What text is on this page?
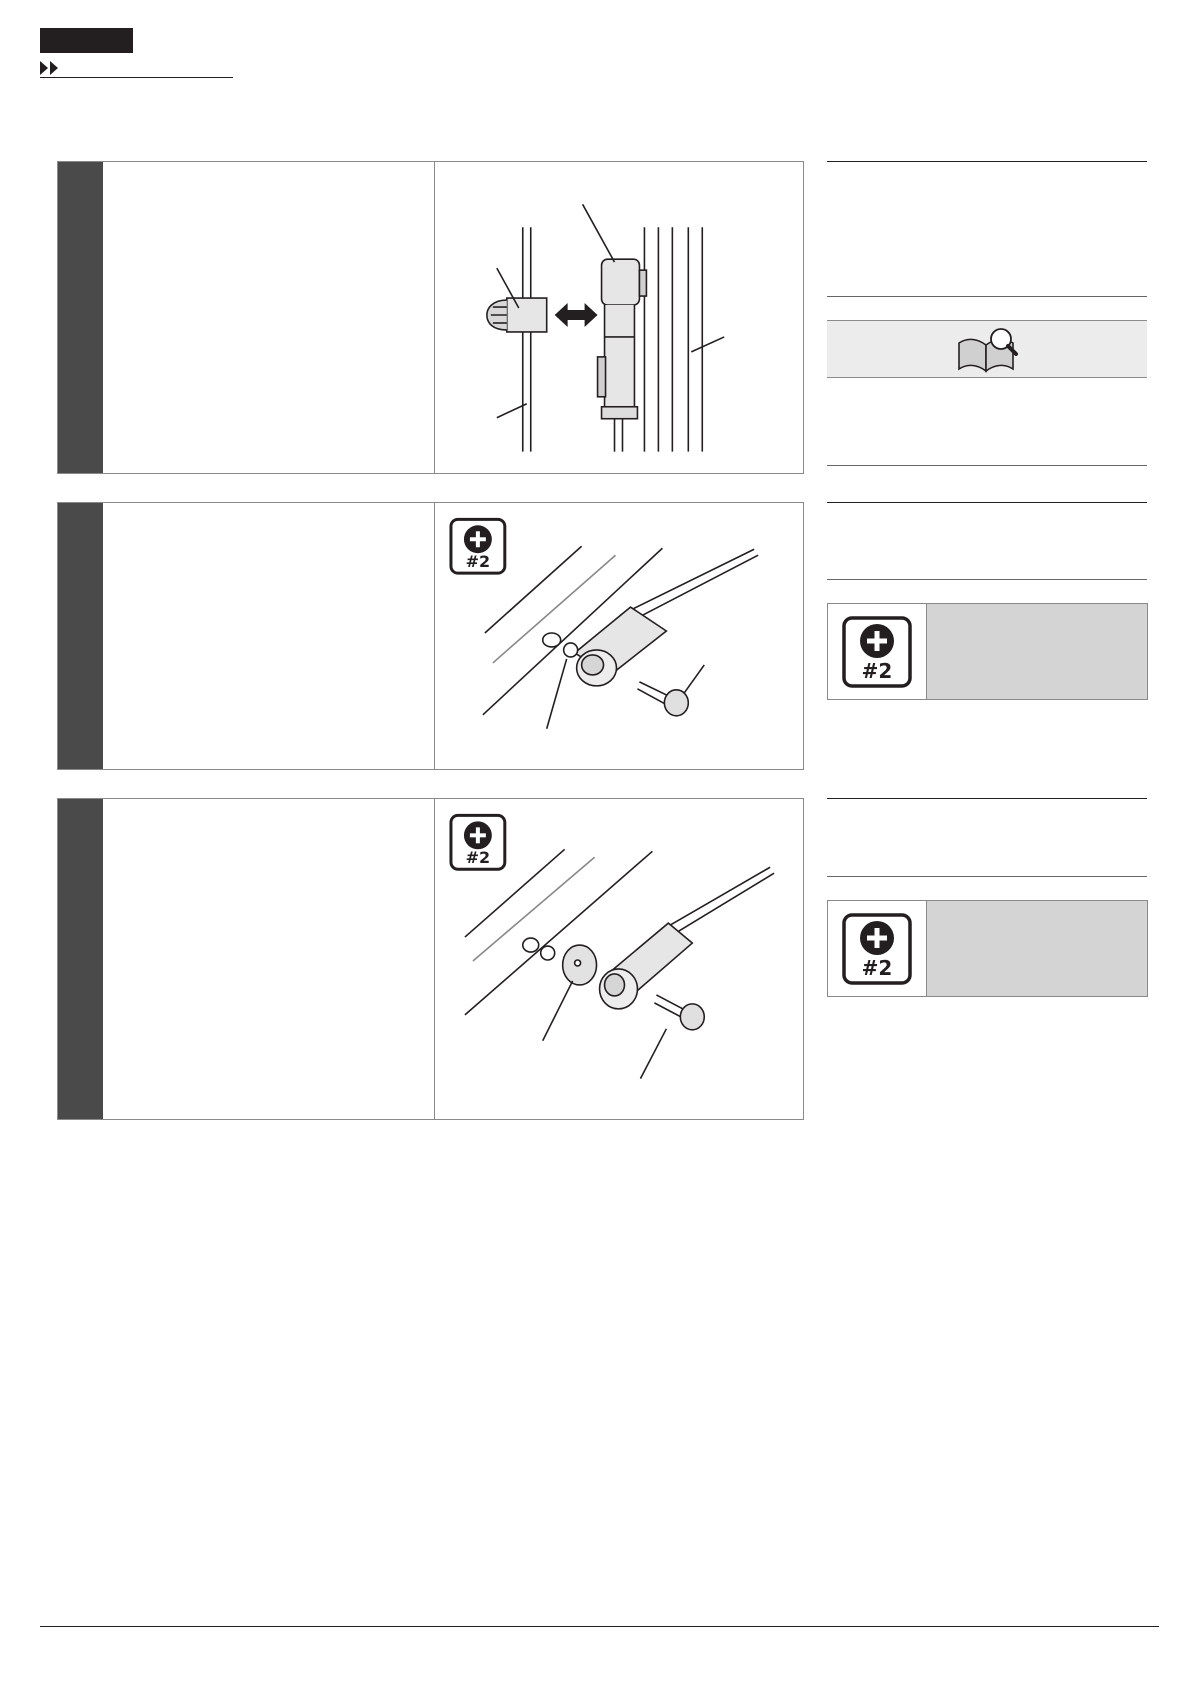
#2
#2
#2
#2
